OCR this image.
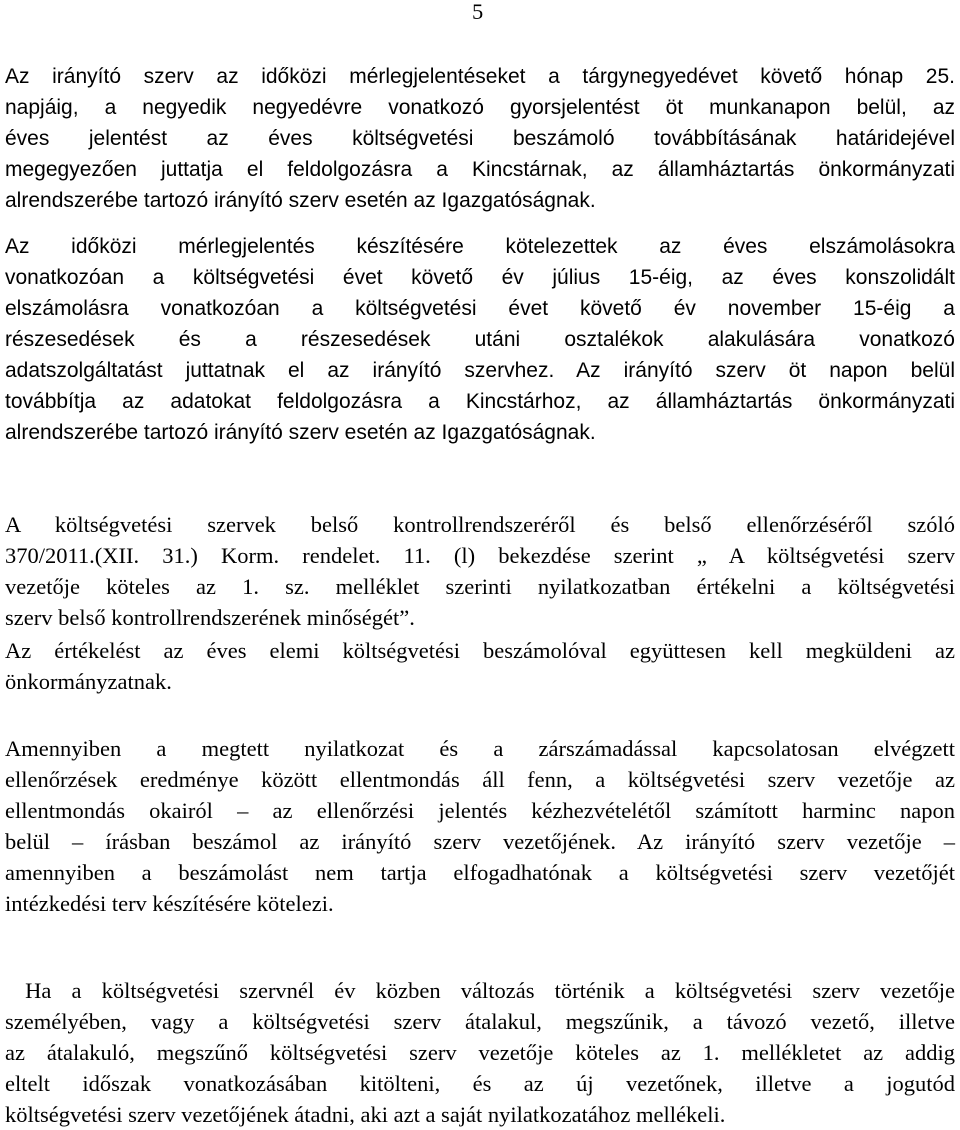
5
Az irányító szerv az időközi mérlegjelentéseket a tárgynegyedévet követő hónap 25.
napjáig, a negyedik negyedévre vonatkozó gyorsjelentést öt munkanapon belül, az
éves jelentést az éves költségvetési beszámoló továbbításának határidejével
megegyezően juttatja el feldolgozásra a Kincstárnak, az államháztartás önkormányzati
alrendszerébe tartozó irányító szerv esetén az Igazgatóságnak.
Az időközi mérlegjelentés készítésére kötelezettek az éves elszámolásokra
vonatkozóan a költségvetési évet követő év július 15-éig, az éves konszolidált
elszámolásra vonatkozóan a költségvetési évet követő év november 15-éig a
részesedések és a részesedések utáni osztalékok alakulására vonatkozó
adatszolgáltatást juttatnak el az irányító szervhez. Az irányító szerv öt napon belül
továbbítja az adatokat feldolgozásra a Kincstárhoz, az államháztartás önkormányzati
alrendszerébe tartozó irányító szerv esetén az Igazgatóságnak.
A költségvetési szervek belső kontrollrendszeréről és belső ellenőrzéséről szóló
370/2011.(XII. 31.) Korm. rendelet. 11. (l) bekezdése szerint „ A költségvetési szerv
vezetője köteles az 1. sz. melléklet szerinti nyilatkozatban értékelni a költségvetési
szerv belső kontrollrendszerének minőségét”.
Az értékelést az éves elemi költségvetési beszámolóval együttesen kell megküldeni az
önkormányzatnak.
Amennyiben a megtett nyilatkozat és a zárszámadással kapcsolatosan elvégzett
ellenőrzések eredménye között ellentmondás áll fenn, a költségvetési szerv vezetője az
ellentmondás okairól – az ellenőrzési jelentés kézhezvételétől számított harminc napon
belül – írásban beszámol az irányító szerv vezetőjének. Az irányító szerv vezetője –
amennyiben a beszámolást nem tartja elfogadhatónak a költségvetési szerv vezetőjét
intézkedési terv készítésére kötelezi.
Ha a költségvetési szervnél év közben változás történik a költségvetési szerv vezetője
személyében, vagy a költségvetési szerv átalakul, megszűnik, a távozó vezető, illetve
az átalakuló, megszűnő költségvetési szerv vezetője köteles az 1. mellékletet az addig
eltelt időszak vonatkozásában kitölteni, és az új vezetőnek, illetve a jogutód
költségvetési szerv vezetőjének átadni, aki azt a saját nyilatkozatához mellékeli.
